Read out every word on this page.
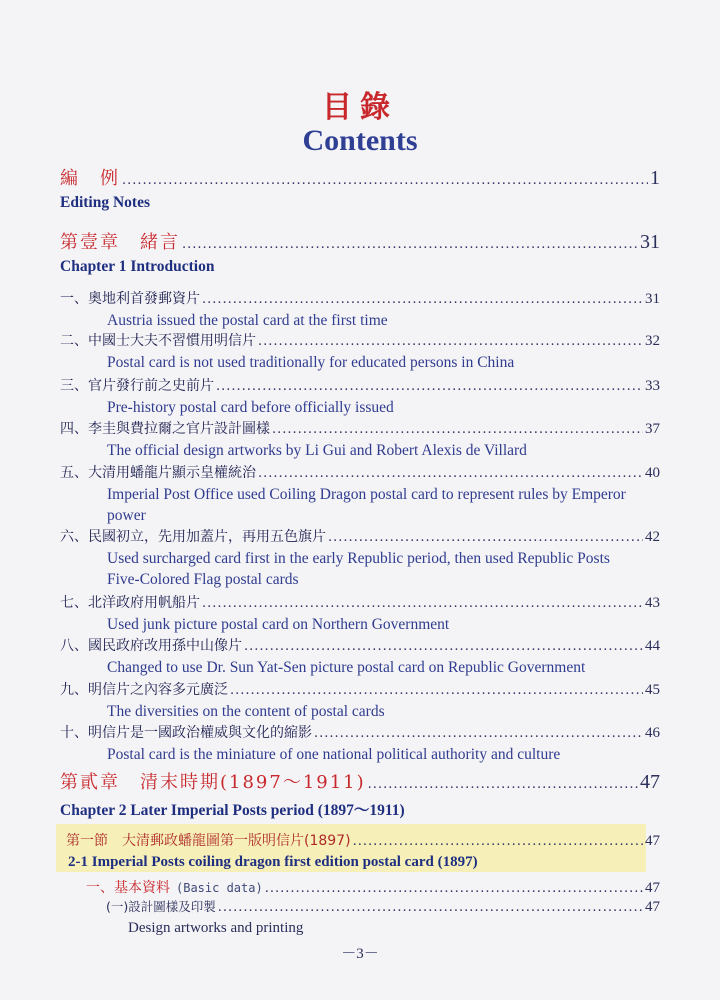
目錄
Contents
編　例 .....	1
Editing Notes
第壹章　緒言 .....	31
Chapter 1 Introduction
一、奧地利首發郵資片 .....	31
Austria issued the postal card at the first time
二、中國士大夫不習慣用明信片 .....	32
Postal card is not used traditionally for educated persons in China
三、官片發行前之史前片 .....	33
Pre-history postal card before officially issued
四、李圭與費拉爾之官片設計圖樣 .....	37
The official design artworks by Li Gui and Robert Alexis de Villard
五、大清用蟠龍片顯示皇權統治 .....	40
Imperial Post Office used Coiling Dragon postal card to represent rules by Emperor power
六、民國初立，先用加蓋片，再用五色旗片 .....	42
Used surcharged card first in the early Republic period, then used Republic Posts Five-Colored Flag postal cards
七、北洋政府用帆船片 .....	43
Used junk picture postal card on Northern Government
八、國民政府改用孫中山像片 .....	44
Changed to use Dr. Sun Yat-Sen picture postal card on Republic Government
九、明信片之內容多元廣泛 .....	45
The diversities on the content of postal cards
十、明信片是一國政治權威與文化的縮影 .....	46
Postal card is the miniature of one national political authority and culture
第貳章　清末時期(1897～1911) .....	47
Chapter 2 Later Imperial Posts period (1897～1911)
第一節　大清郵政蟠龍圖第一版明信片(1897) .....	47
2-1 Imperial Posts coiling dragon first edition postal card (1897)
一、基本資料 (Basic data) .....	47
(一)設計圖樣及印製 .....	47
Design artworks and printing
－3－
